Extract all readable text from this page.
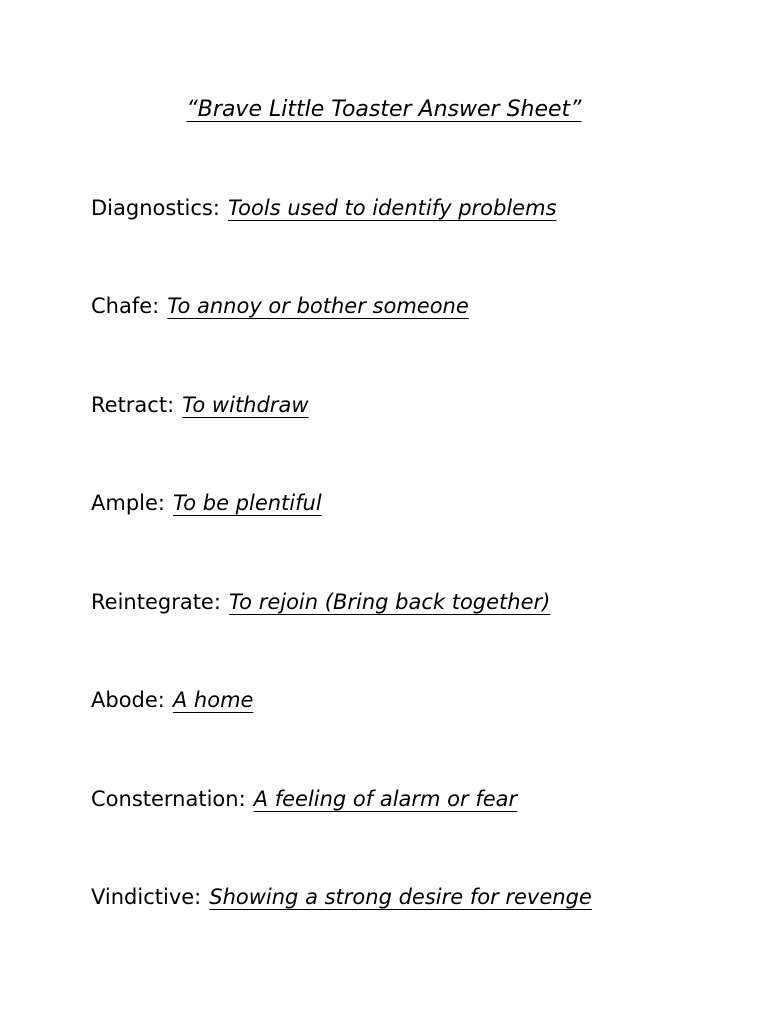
“Brave Little Toaster Answer Sheet”
Diagnostics: Tools used to identify problems
Chafe: To annoy or bother someone
Retract: To withdraw
Ample: To be plentiful
Reintegrate: To rejoin (Bring back together)
Abode: A home
Consternation: A feeling of alarm or fear
Vindictive: Showing a strong desire for revenge
